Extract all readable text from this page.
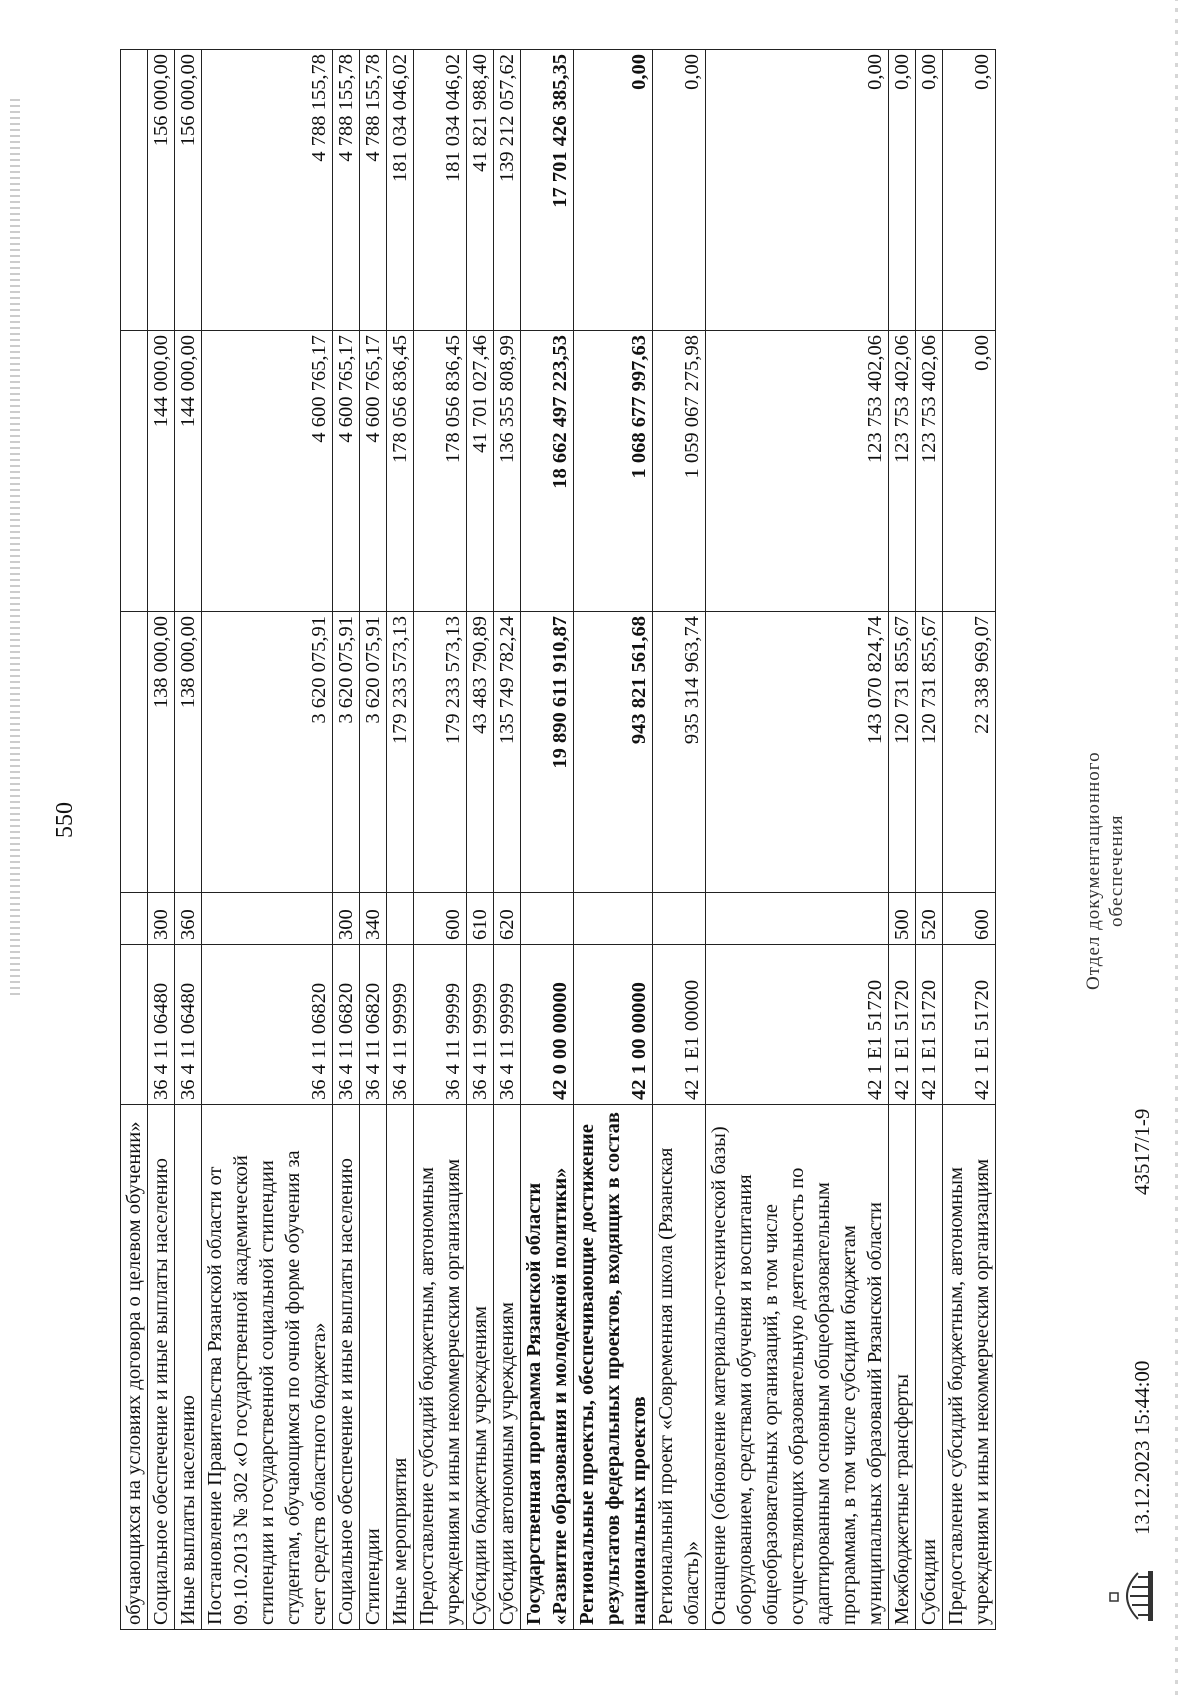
550
обучающихся на условиях договора о целевом обучении»					
Социальное обеспечение и иные выплаты населению	36 4 11 06480	300	138 000,00	144 000,00	156 000,00
Иные выплаты населению	36 4 11 06480	360	138 000,00	144 000,00	156 000,00
Постановление Правительства Рязанской области от 09.10.2013 № 302 «О государственной академической стипендии и государственной социальной стипендии студентам, обучающимся по очной форме обучения за счет средств областного бюджета»	36 4 11 06820		3 620 075,91	4 600 765,17	4 788 155,78
Социальное обеспечение и иные выплаты населению	36 4 11 06820	300	3 620 075,91	4 600 765,17	4 788 155,78
Стипендии	36 4 11 06820	340	3 620 075,91	4 600 765,17	4 788 155,78
Иные мероприятия	36 4 11 99999		179 233 573,13	178 056 836,45	181 034 046,02
Предоставление субсидий бюджетным, автономным учреждениям и иным некоммерческим организациям	36 4 11 99999	600	179 233 573,13	178 056 836,45	181 034 046,02
Субсидии бюджетным учреждениям	36 4 11 99999	610	43 483 790,89	41 701 027,46	41 821 988,40
Субсидии автономным учреждениям	36 4 11 99999	620	135 749 782,24	136 355 808,99	139 212 057,62
Государственная программа Рязанской области «Развитие образования и молодежной политики»	42 0 00 00000		19 890 611 910,87	18 662 497 223,53	17 701 426 385,35
Региональные проекты, обеспечивающие достижение результатов федеральных проектов, входящих в состав национальных проектов	42 1 00 00000		943 821 561,68	1 068 677 997,63	0,00
Региональный проект «Современная школа (Рязанская область)»	42 1 E1 00000		935 314 963,74	1 059 067 275,98	0,00
Оснащение (обновление материально-технической базы) оборудованием, средствами обучения и воспитания общеобразовательных организаций, в том числе осуществляющих образовательную деятельность по адаптированным основным общеобразовательным программам, в том числе субсидии бюджетам муниципальных образований Рязанской области	42 1 E1 51720		143 070 824,74	123 753 402,06	0,00
Межбюджетные трансферты	42 1 E1 51720	500	120 731 855,67	123 753 402,06	0,00
Субсидии	42 1 E1 51720	520	120 731 855,67	123 753 402,06	0,00
Предоставление субсидий бюджетным, автономным учреждениям и иным некоммерческим организациям	42 1 E1 51720	600	22 338 969,07	0,00	0,00
13.12.2023 15:44:00
43517/1-9
Отдел документационного обеспечения
